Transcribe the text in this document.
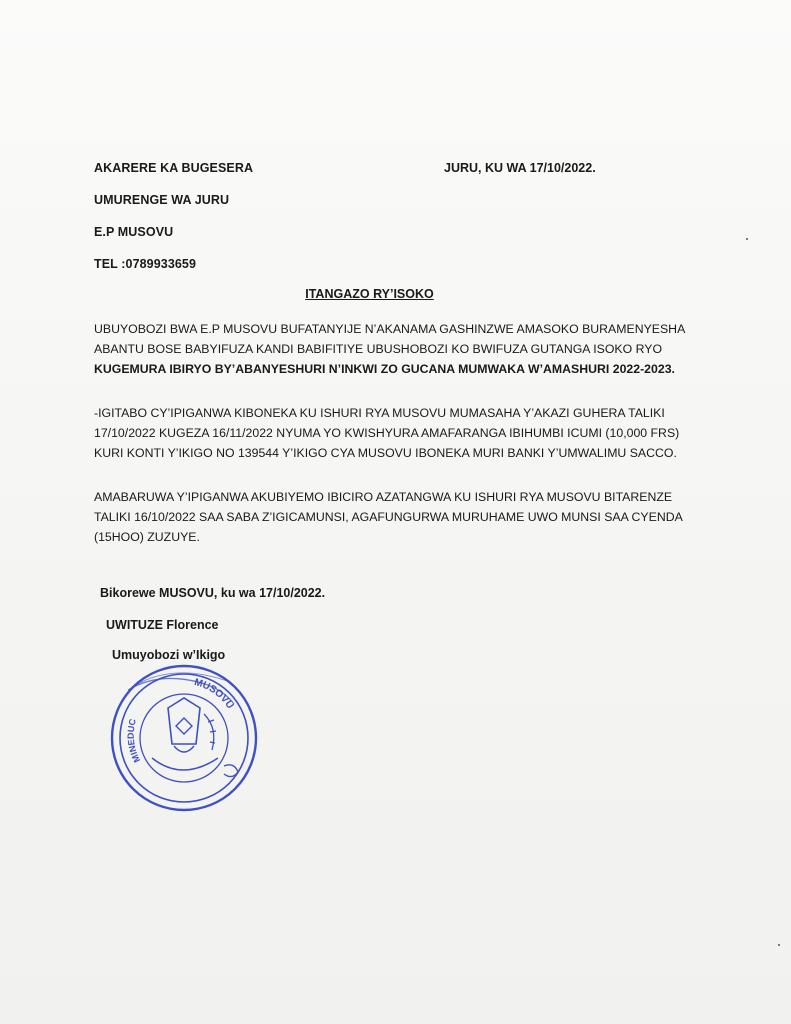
AKARERE KA BUGESERA	JURU, KU WA 17/10/2022.
UMURENGE WA JURU
E.P MUSOVU
TEL :0789933659
ITANGAZO RY’ISOKO

UBUYOBOZI BWA E.P MUSOVU BUFATANYIJE N’AKANAMA GASHINZWE AMASOKO BURAMENYESHA ABANTU BOSE BABYIFUZA KANDI BABIFITIYE UBUSHOBOZI KO BWIFUZA GUTANGA ISOKO RYO KUGEMURA IBIRYO BY’ABANYESHURI N’INKWI ZO GUCANA MUMWAKA W’AMASHURI 2022-2023.

-IGITABO CY’IPIGANWA KIBONEKA KU ISHURI RYA MUSOVU MUMASAHA Y’AKAZI GUHERA TALIKI 17/10/2022 KUGEZA 16/11/2022 NYUMA YO KWISHYURA AMAFARANGA IBIHUMBI ICUMI (10,000 FRS) KURI KONTI Y’IKIGO NO 139544 Y’IKIGO CYA MUSOVU IBONEKA MURI BANKI Y’UMWALIMU SACCO.

AMABARUWA Y’IPIGANWA AKUBIYEMO IBICIRO AZATANGWA KU ISHURI RYA MUSOVU BITARENZE TALIKI 16/10/2022 SAA SABA Z’IGICAMUNSI, AGAFUNGURWA MURUHAME UWO MUNSI SAA CYENDA (15HOO) ZUZUYE.

Bikorewe MUSOVU, ku wa 17/10/2022.
UWITUZE Florence
Umuyobozi w’Ikigo
MUSOVU
MINEDUC
